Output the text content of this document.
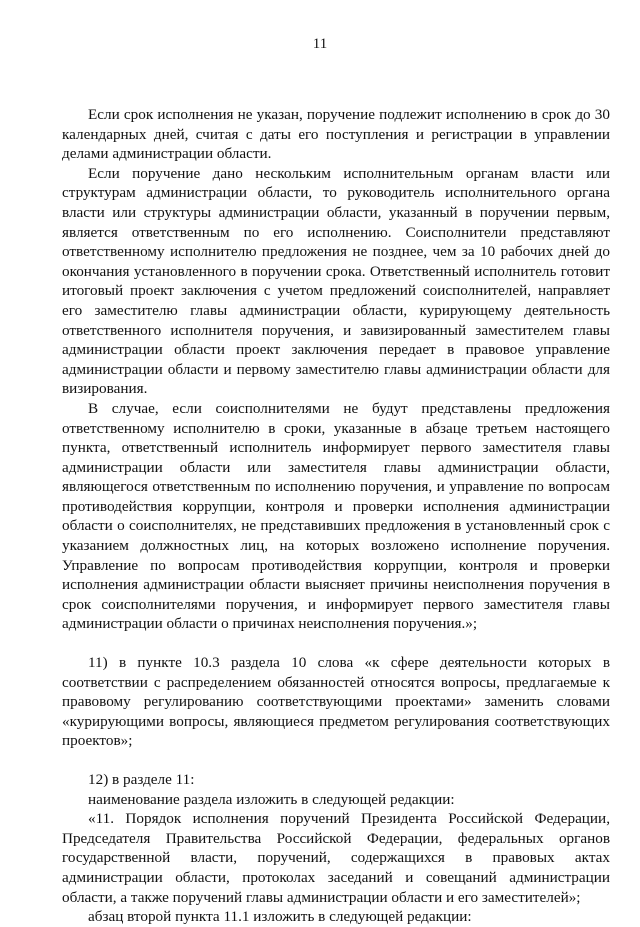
11

Если срок исполнения не указан, поручение подлежит исполнению в срок до 30 календарных дней, считая с даты его поступления и регистрации в управлении делами администрации области.

Если поручение дано нескольким исполнительным органам власти или структурам администрации области, то руководитель исполнительного органа власти или структуры администрации области, указанный в поручении первым, является ответственным по его исполнению. Соисполнители представляют ответственному исполнителю предложения не позднее, чем за 10 рабочих дней до окончания установленного в поручении срока. Ответственный исполнитель готовит итоговый проект заключения с учетом предложений соисполнителей, направляет его заместителю главы администрации области, курирующему деятельность ответственного исполнителя поручения, и завизированный заместителем главы администрации области проект заключения передает в правовое управление администрации области и первому заместителю главы администрации области для визирования.

В случае, если соисполнителями не будут представлены предложения ответственному исполнителю в сроки, указанные в абзаце третьем настоящего пункта, ответственный исполнитель информирует первого заместителя главы администрации области или заместителя главы администрации области, являющегося ответственным по исполнению поручения, и управление по вопросам противодействия коррупции, контроля и проверки исполнения администрации области о соисполнителях, не представивших предложения в установленный срок с указанием должностных лиц, на которых возложено исполнение поручения. Управление по вопросам противодействия коррупции, контроля и проверки исполнения администрации области выясняет причины неисполнения поручения в срок соисполнителями поручения, и информирует первого заместителя главы администрации области о причинах неисполнения поручения.»;

11) в пункте 10.3 раздела 10 слова «к сфере деятельности которых в соответствии с распределением обязанностей относятся вопросы, предлагаемые к правовому регулированию соответствующими проектами» заменить словами «курирующими вопросы, являющиеся предметом регулирования соответствующих проектов»;

12) в разделе 11:

наименование раздела изложить в следующей редакции:

«11. Порядок исполнения поручений Президента Российской Федерации, Председателя Правительства Российской Федерации, федеральных органов государственной власти, поручений, содержащихся в правовых актах администрации области, протоколах заседаний и совещаний администрации области, а также поручений главы администрации области и его заместителей»;

абзац второй пункта 11.1 изложить в следующей редакции:
